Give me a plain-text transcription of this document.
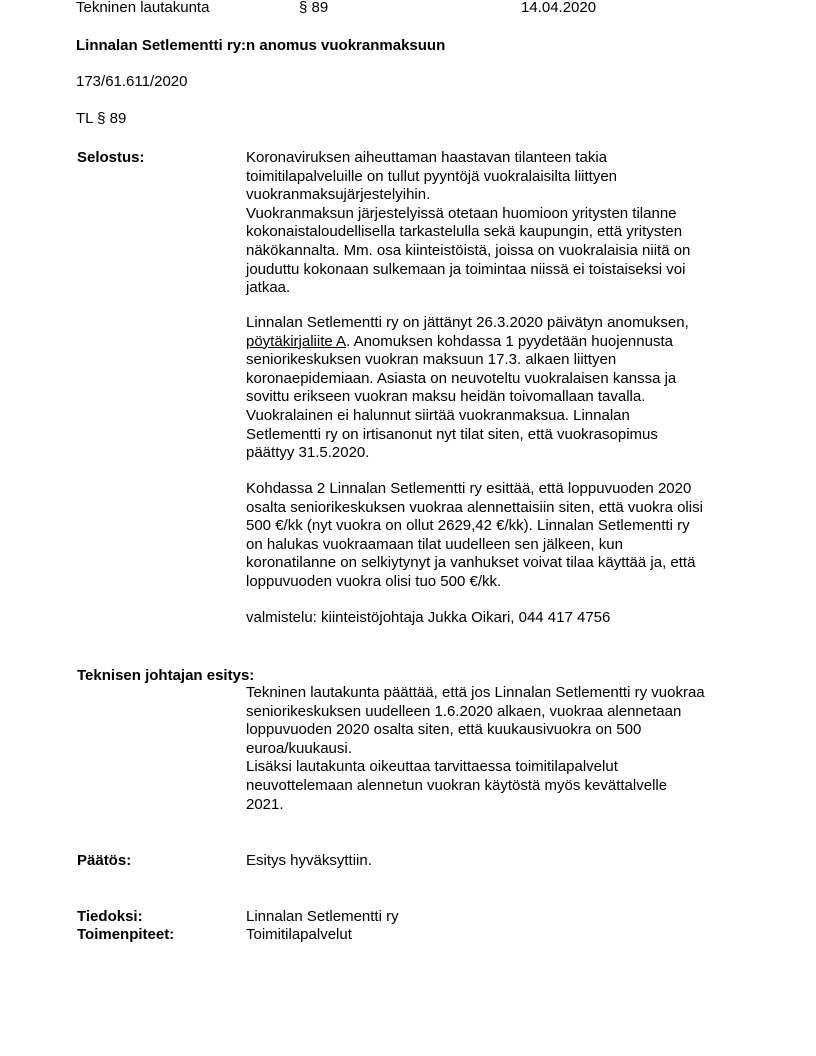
Tekninen lautakunta	§ 89	14.04.2020
Linnalan Setlementti ry:n anomus vuokranmaksuun
173/61.611/2020
TL § 89
Selostus:	Koronaviruksen aiheuttaman haastavan tilanteen takia
toimitilapalveluille on tullut pyyntöjä vuokralaisilta liittyen
vuokranmaksujärjestelyihin.
Vuokranmaksun järjestelyissä otetaan huomioon yritysten tilanne
kokonaistaloudellisella tarkastelulla sekä kaupungin, että yritysten
näkökannalta. Mm. osa kiinteistöistä, joissa on vuokralaisia niitä on
jouduttu kokonaan sulkemaan ja toimintaa niissä ei toistaiseksi voi
jatkaa.
Linnalan Setlementti ry on jättänyt 26.3.2020 päivätyn anomuksen,
pöytäkirjaliite A. Anomuksen kohdassa 1 pyydetään huojennusta
seniorikeskuksen vuokran maksuun 17.3. alkaen liittyen
koronaepidemiaan. Asiasta on neuvoteltu vuokralaisen kanssa ja
sovittu erikseen vuokran maksu heidän toivomallaan tavalla.
Vuokralainen ei halunnut siirtää vuokranmaksua. Linnalan
Setlementti ry on irtisanonut nyt tilat siten, että vuokrasopimus
päättyy 31.5.2020.
Kohdassa 2 Linnalan Setlementti ry esittää, että loppuvuoden 2020
osalta seniorikeskuksen vuokraa alennettaisiin siten, että vuokra olisi
500 €/kk (nyt vuokra on ollut 2629,42 €/kk). Linnalan Setlementti ry
on halukas vuokraamaan tilat uudelleen sen jälkeen, kun
koronatilanne on selkiytynyt ja vanhukset voivat tilaa käyttää ja, että
loppuvuoden vuokra olisi tuo 500 €/kk.
valmistelu: kiinteistöjohtaja Jukka Oikari, 044 417 4756
Teknisen johtajan esitys:
Tekninen lautakunta päättää, että jos Linnalan Setlementti ry vuokraa
seniorikeskuksen uudelleen 1.6.2020 alkaen, vuokraa alennetaan
loppuvuoden 2020 osalta siten, että kuukausivuokra on 500
euroa/kuukausi.
Lisäksi lautakunta oikeuttaa tarvittaessa toimitilapalvelut
neuvottelemaan alennetun vuokran käytöstä myös kevättalvelle
2021.
Päätös:	Esitys hyväksyttiin.
Tiedoksi:	Linnalan Setlementti ry
Toimenpiteet:	Toimitilapalvelut
